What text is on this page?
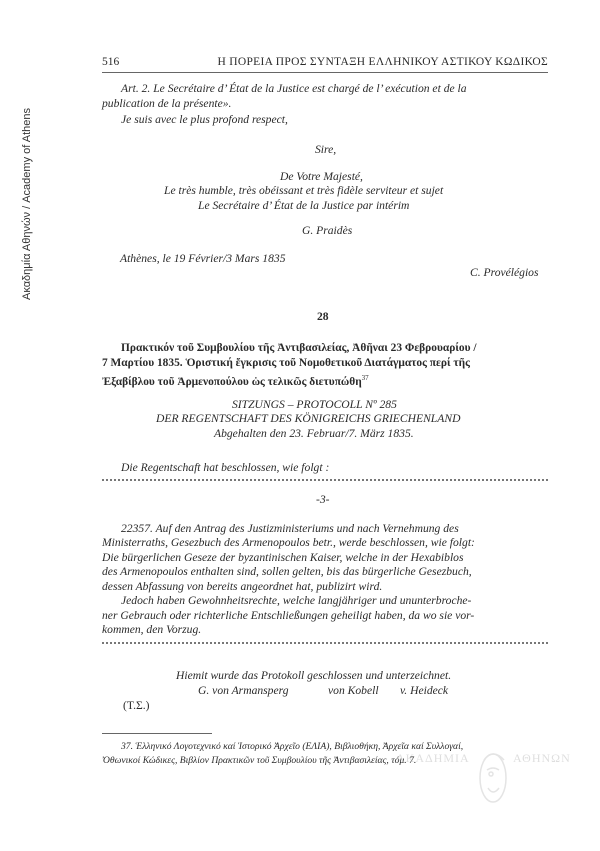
Ακαδημία Αθηνών / Academy of Athens
516	Η ΠΟΡΕΙΑ ΠΡΟΣ ΣΥΝΤΑΞΗ ΕΛΛΗΝΙΚΟΥ ΑΣΤΙΚΟΥ ΚΩΔΙΚΟΣ
Art. 2. Le Secrétaire d’ État de la Justice est chargé de l’ exécution et de la
publication de la présente».
Je suis avec le plus profond respect,
Sire,
De Votre Majesté,
Le très humble, très obéissant et très fidèle serviteur et sujet
Le Secrétaire d’ État de la Justice par intérim
G. Praidès
Athènes, le 19 Février/3 Mars 1835
C. Provélégios
28
Πρακτικόν τοῦ Συμβουλίου τῆς Ἀντιβασιλείας, Ἀθῆναι 23 Φεβρουαρίου /
7 Μαρτίου 1835. Ὁριστική ἔγκρισις τοῦ Νομοθετικοῦ Διατάγματος περί τῆς
Ἐξαβίβλου τοῦ Ἁρμενοπούλου ὡς τελικῶς διετυπώθη$^{37}$
SITZUNGS – PROTOCOLL Nº 285
DER REGENTSCHAFT DES KÖNIGREICHS GRIECHENLAND
Abgehalten den 23. Februar/7. März 1835.
Die Regentschaft hat beschlossen, wie folgt :
-3-
22357. Auf den Antrag des Justizministeriums und nach Vernehmung des
Ministerraths, Gesezbuch des Armenopoulos betr., werde beschlossen, wie folgt:
Die bürgerlichen Geseze der byzantinischen Kaiser, welche in der Hexabiblos
des Armenopoulos enthalten sind, sollen gelten, bis das bürgerliche Gesezbuch,
dessen Abfassung von bereits angeordnet hat, publizirt wird.
Jedoch haben Gewohnheitsrechte, welche langjähriger und ununterbroche-
ner Gebrauch oder richterliche Entschließungen geheiligt haben, da wo sie vor-
kommen, den Vorzug.
Hiemit wurde das Protokoll geschlossen und unterzeichnet.
G. von Armansperg	von Kobell v. Heideck
(Τ.Σ.)
37. Ἑλληνικό Λογοτεχνικό καί Ἱστορικό Ἀρχεῖο (ΕΛΙΑ), Βιβλιοθήκη, Ἀρχεῖα καί Συλλογαί,
Ὀθωνικοί Κώδικες, Βιβλίον Πρακτικῶν τοῦ Συμβουλίου τῆς Ἀντιβασιλείας, τόμ. 7.
ΑΚΑΔΗΜΙΑ	ΑΘΗΝΩΝ
